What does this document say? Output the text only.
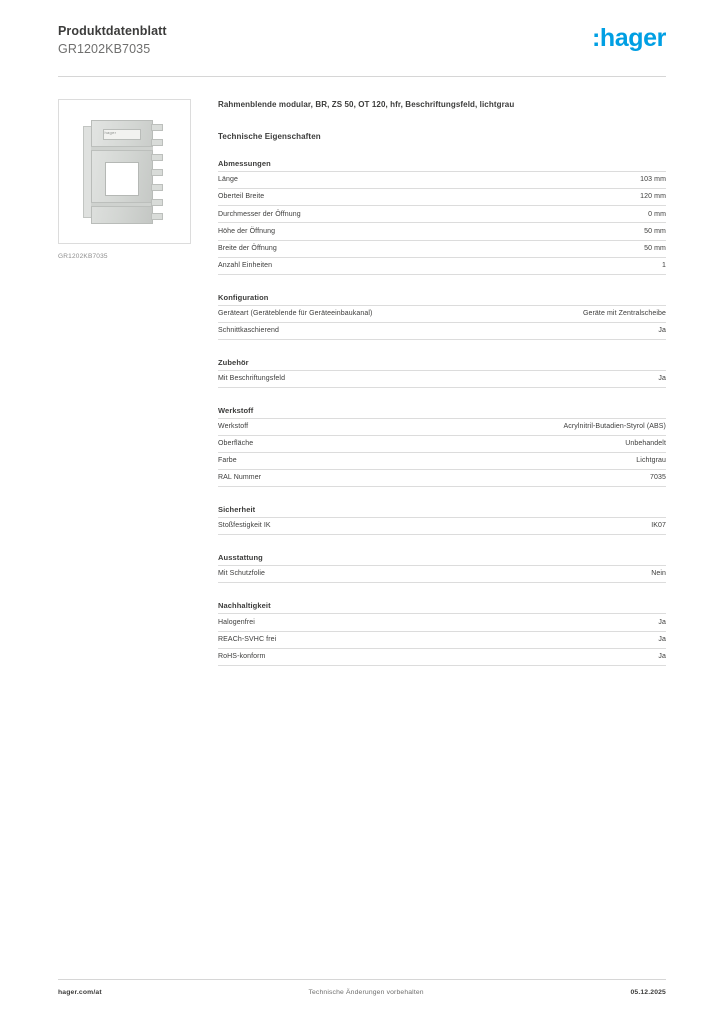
Produktdatenblatt
GR1202KB7035	:hager
hager
GR1202KB7035
Rahmenblende modular, BR, ZS 50, OT 120, hfr, Beschriftungsfeld, lichtgrau
Technische Eigenschaften
Abmessungen
Länge	103 mm
Oberteil Breite	120 mm
Durchmesser der Öffnung	0 mm
Höhe der Öffnung	50 mm
Breite der Öffnung	50 mm
Anzahl Einheiten	1
Konfiguration
Geräteart (Geräteblende für Geräteeinbaukanal)	Geräte mit Zentralscheibe
Schnittkaschierend	Ja
Zubehör
Mit Beschriftungsfeld	Ja
Werkstoff
Werkstoff	Acrylnitril-Butadien-Styrol (ABS)
Oberfläche	Unbehandelt
Farbe	Lichtgrau
RAL Nummer	7035
Sicherheit
Stoßfestigkeit IK	IK07
Ausstattung
Mit Schutzfolie	Nein
Nachhaltigkeit
Halogenfrei	Ja
REACh-SVHC frei	Ja
RoHS-konform	Ja
hager.com/at	Technische Änderungen vorbehalten	05.12.2025
